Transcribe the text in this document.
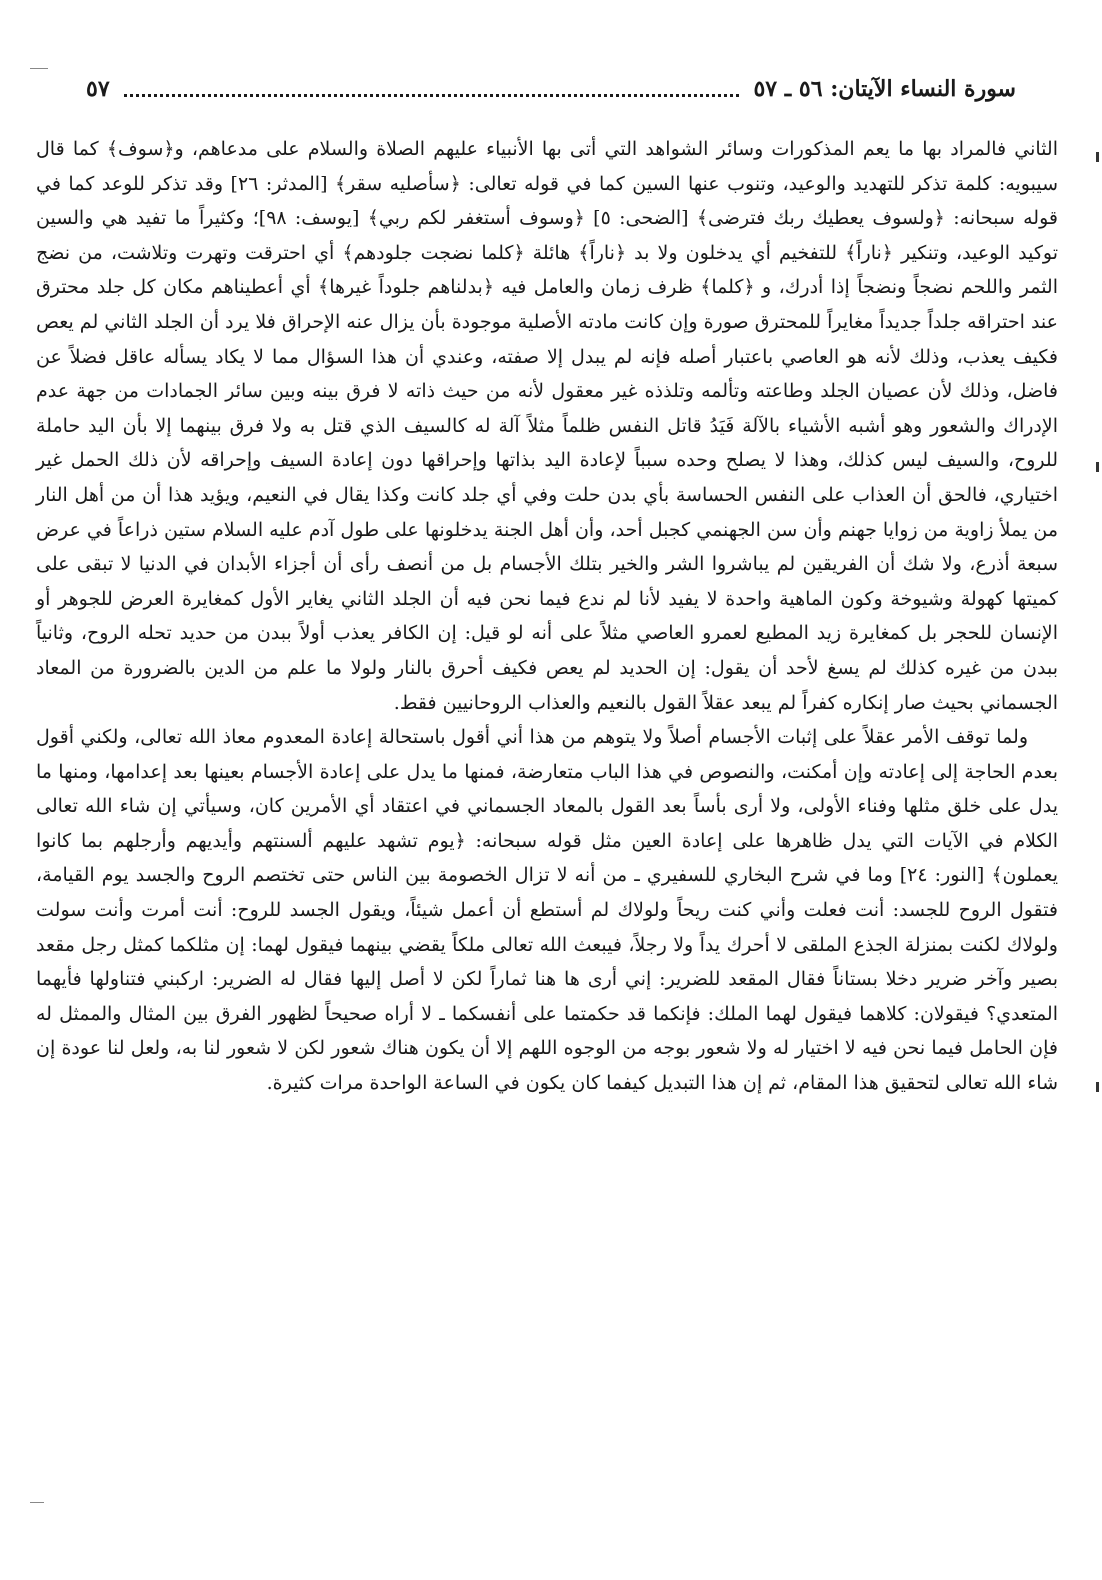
سورة النساء الآيتان: ٥٦ ـ ٥٧
٥٧

الثاني فالمراد بها ما يعم المذكورات وسائر الشواهد التي أتى بها الأنبياء عليهم الصلاة والسلام على مدعاهم، و﴿سوف﴾ كما قال سيبويه: كلمة تذكر للتهديد والوعيد، وتنوب عنها السين كما في قوله تعالى: ﴿سأصليه سقر﴾ [المدثر: ٢٦] وقد تذكر للوعد كما في قوله سبحانه: ﴿ولسوف يعطيك ربك فترضى﴾ [الضحى: ٥] ﴿وسوف أستغفر لكم ربي﴾ [يوسف: ٩٨]؛ وكثيراً ما تفيد هي والسين توكيد الوعيد، وتنكير ﴿ناراً﴾ للتفخيم أي يدخلون ولا بد ﴿ناراً﴾ هائلة ﴿كلما نضجت جلودهم﴾ أي احترقت وتهرت وتلاشت، من نضج الثمر واللحم نضجاً ونضجاً إذا أدرك، و ﴿كلما﴾ ظرف زمان والعامل فيه ﴿بدلناهم جلوداً غيرها﴾ أي أعطيناهم مكان كل جلد محترق عند احتراقه جلداً جديداً مغايراً للمحترق صورة وإن كانت مادته الأصلية موجودة بأن يزال عنه الإحراق فلا يرد أن الجلد الثاني لم يعص فكيف يعذب، وذلك لأنه هو العاصي باعتبار أصله فإنه لم يبدل إلا صفته، وعندي أن هذا السؤال مما لا يكاد يسأله عاقل فضلاً عن فاضل، وذلك لأن عصيان الجلد وطاعته وتألمه وتلذذه غير معقول لأنه من حيث ذاته لا فرق بينه وبين سائر الجمادات من جهة عدم الإدراك والشعور وهو أشبه الأشياء بالآلة فَيَدُ قاتل النفس ظلماً مثلاً آلة له كالسيف الذي قتل به ولا فرق بينهما إلا بأن اليد حاملة للروح، والسيف ليس كذلك، وهذا لا يصلح وحده سبباً لإعادة اليد بذاتها وإحراقها دون إعادة السيف وإحراقه لأن ذلك الحمل غير اختياري، فالحق أن العذاب على النفس الحساسة بأي بدن حلت وفي أي جلد كانت وكذا يقال في النعيم، ويؤيد هذا أن من أهل النار من يملأ زاوية من زوايا جهنم وأن سن الجهنمي كجبل أحد، وأن أهل الجنة يدخلونها على طول آدم عليه السلام ستين ذراعاً في عرض سبعة أذرع، ولا شك أن الفريقين لم يباشروا الشر والخير بتلك الأجسام بل من أنصف رأى أن أجزاء الأبدان في الدنيا لا تبقى على كميتها كهولة وشيوخة وكون الماهية واحدة لا يفيد لأنا لم ندع فيما نحن فيه أن الجلد الثاني يغاير الأول كمغايرة العرض للجوهر أو الإنسان للحجر بل كمغايرة زيد المطيع لعمرو العاصي مثلاً على أنه لو قيل: إن الكافر يعذب أولاً ببدن من حديد تحله الروح، وثانياً ببدن من غيره كذلك لم يسغ لأحد أن يقول: إن الحديد لم يعص فكيف أحرق بالنار ولولا ما علم من الدين بالضرورة من المعاد الجسماني بحيث صار إنكاره كفراً لم يبعد عقلاً القول بالنعيم والعذاب الروحانيين فقط.

ولما توقف الأمر عقلاً على إثبات الأجسام أصلاً ولا يتوهم من هذا أني أقول باستحالة إعادة المعدوم معاذ الله تعالى، ولكني أقول بعدم الحاجة إلى إعادته وإن أمكنت، والنصوص في هذا الباب متعارضة، فمنها ما يدل على إعادة الأجسام بعينها بعد إعدامها، ومنها ما يدل على خلق مثلها وفناء الأولى، ولا أرى بأساً بعد القول بالمعاد الجسماني في اعتقاد أي الأمرين كان، وسيأتي إن شاء الله تعالى الكلام في الآيات التي يدل ظاهرها على إعادة العين مثل قوله سبحانه: ﴿يوم تشهد عليهم ألسنتهم وأيديهم وأرجلهم بما كانوا يعملون﴾ [النور: ٢٤] وما في شرح البخاري للسفيري ـ من أنه لا تزال الخصومة بين الناس حتى تختصم الروح والجسد يوم القيامة، فتقول الروح للجسد: أنت فعلت وأني كنت ريحاً ولولاك لم أستطع أن أعمل شيئاً، ويقول الجسد للروح: أنت أمرت وأنت سولت ولولاك لكنت بمنزلة الجذع الملقى لا أحرك يداً ولا رجلاً، فيبعث الله تعالى ملكاً يقضي بينهما فيقول لهما: إن مثلكما كمثل رجل مقعد بصير وآخر ضرير دخلا بستاناً فقال المقعد للضرير: إني أرى ها هنا ثماراً لكن لا أصل إليها فقال له الضرير: اركبني فتناولها فأيهما المتعدي؟ فيقولان: كلاهما فيقول لهما الملك: فإنكما قد حكمتما على أنفسكما ـ لا أراه صحيحاً لظهور الفرق بين المثال والممثل له فإن الحامل فيما نحن فيه لا اختيار له ولا شعور بوجه من الوجوه اللهم إلا أن يكون هناك شعور لكن لا شعور لنا به، ولعل لنا عودة إن شاء الله تعالى لتحقيق هذا المقام، ثم إن هذا التبديل كيفما كان يكون في الساعة الواحدة مرات كثيرة.
